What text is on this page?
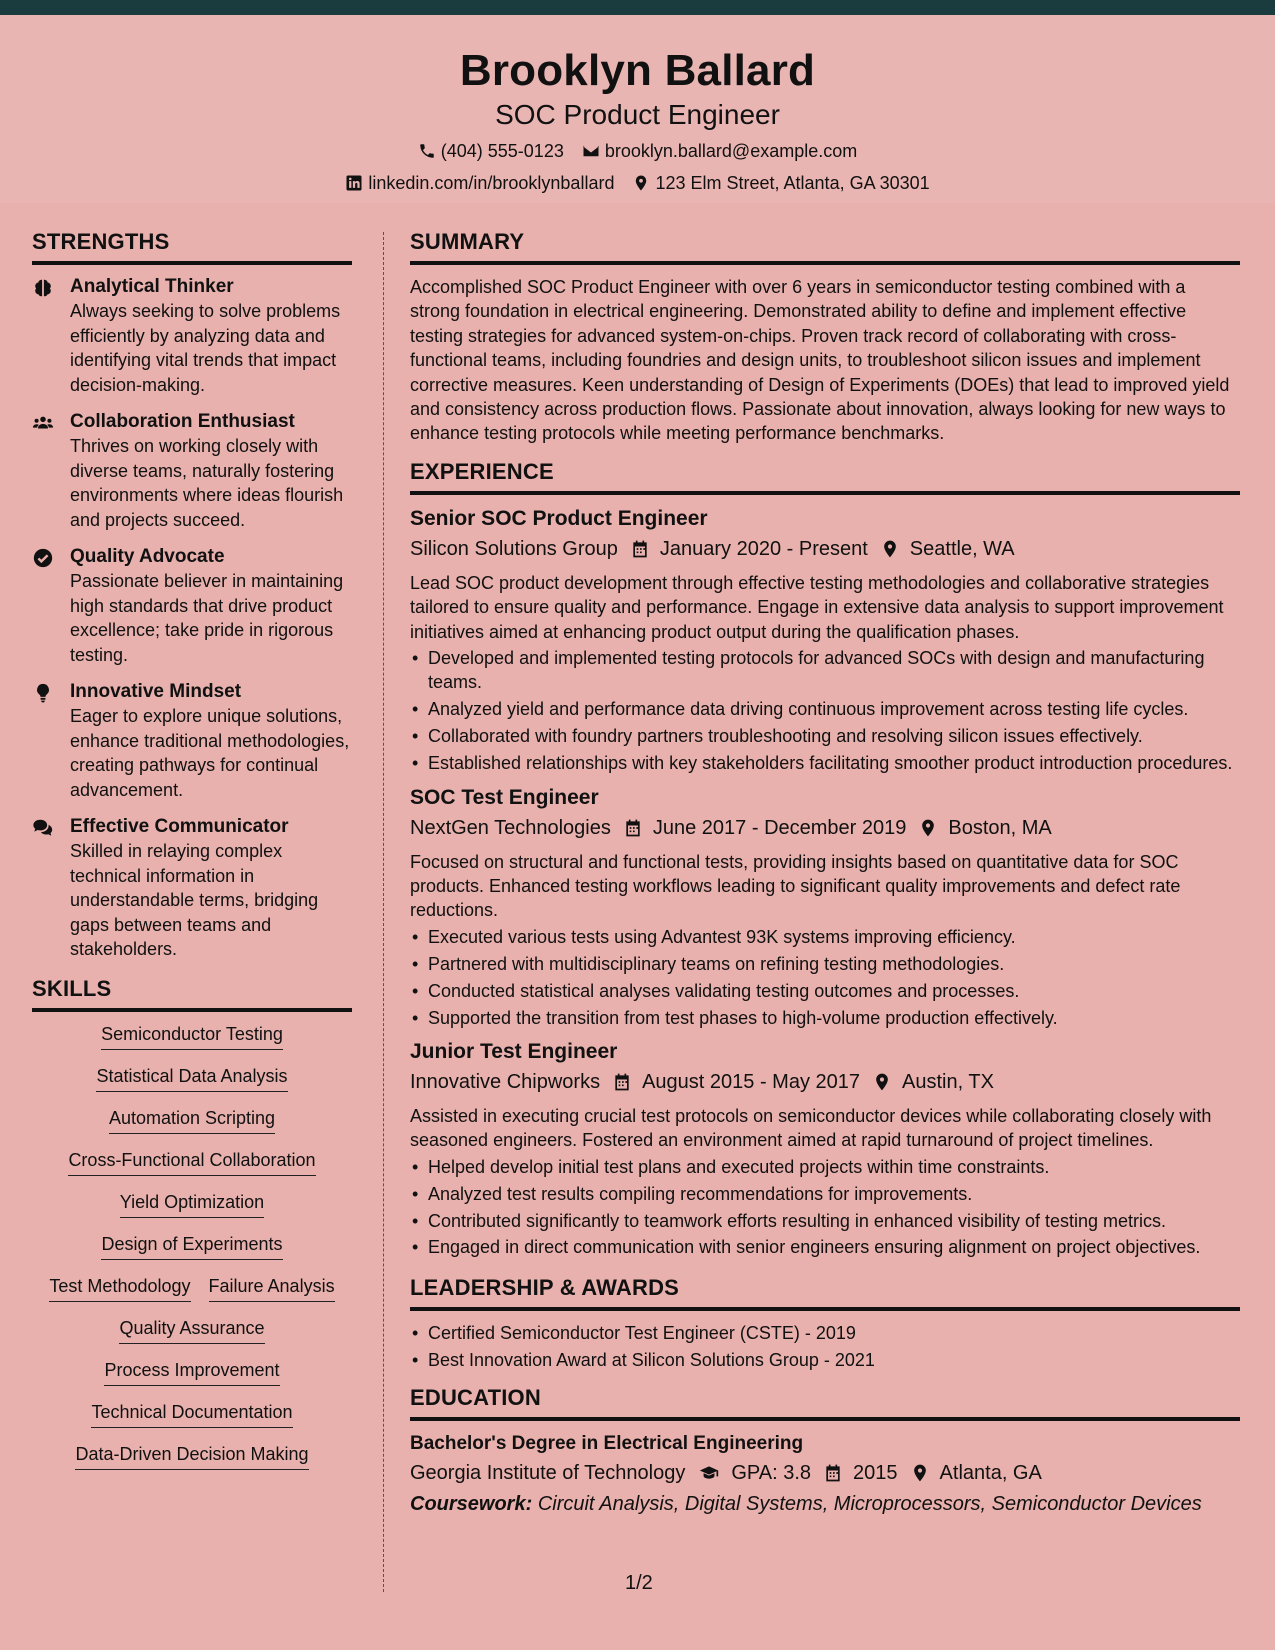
Brooklyn Ballard
SOC Product Engineer
(404) 555-0123 brooklyn.ballard@example.com
linkedin.com/in/brooklynballard 123 Elm Street, Atlanta, GA 30301
STRENGTHS
Analytical Thinker
Always seeking to solve problems efficiently by analyzing data and identifying vital trends that impact decision-making.
Collaboration Enthusiast
Thrives on working closely with diverse teams, naturally fostering environments where ideas flourish and projects succeed.
Quality Advocate
Passionate believer in maintaining high standards that drive product excellence; take pride in rigorous testing.
Innovative Mindset
Eager to explore unique solutions, enhance traditional methodologies, creating pathways for continual advancement.
Effective Communicator
Skilled in relaying complex technical information in understandable terms, bridging gaps between teams and stakeholders.
SKILLS
Semiconductor Testing
Statistical Data Analysis
Automation Scripting
Cross-Functional Collaboration
Yield Optimization
Design of Experiments
Test Methodology Failure Analysis
Quality Assurance
Process Improvement
Technical Documentation
Data-Driven Decision Making
SUMMARY
Accomplished SOC Product Engineer with over 6 years in semiconductor testing combined with a strong foundation in electrical engineering. Demonstrated ability to define and implement effective testing strategies for advanced system-on-chips. Proven track record of collaborating with cross-functional teams, including foundries and design units, to troubleshoot silicon issues and implement corrective measures. Keen understanding of Design of Experiments (DOEs) that lead to improved yield and consistency across production flows. Passionate about innovation, always looking for new ways to enhance testing protocols while meeting performance benchmarks.
EXPERIENCE
Senior SOC Product Engineer
Silicon Solutions Group January 2020 - Present Seattle, WA
Lead SOC product development through effective testing methodologies and collaborative strategies tailored to ensure quality and performance. Engage in extensive data analysis to support improvement initiatives aimed at enhancing product output during the qualification phases.
• Developed and implemented testing protocols for advanced SOCs with design and manufacturing teams.
• Analyzed yield and performance data driving continuous improvement across testing life cycles.
• Collaborated with foundry partners troubleshooting and resolving silicon issues effectively.
• Established relationships with key stakeholders facilitating smoother product introduction procedures.
SOC Test Engineer
NextGen Technologies June 2017 - December 2019 Boston, MA
Focused on structural and functional tests, providing insights based on quantitative data for SOC products. Enhanced testing workflows leading to significant quality improvements and defect rate reductions.
• Executed various tests using Advantest 93K systems improving efficiency.
• Partnered with multidisciplinary teams on refining testing methodologies.
• Conducted statistical analyses validating testing outcomes and processes.
• Supported the transition from test phases to high-volume production effectively.
Junior Test Engineer
Innovative Chipworks August 2015 - May 2017 Austin, TX
Assisted in executing crucial test protocols on semiconductor devices while collaborating closely with seasoned engineers. Fostered an environment aimed at rapid turnaround of project timelines.
• Helped develop initial test plans and executed projects within time constraints.
• Analyzed test results compiling recommendations for improvements.
• Contributed significantly to teamwork efforts resulting in enhanced visibility of testing metrics.
• Engaged in direct communication with senior engineers ensuring alignment on project objectives.
LEADERSHIP & AWARDS
• Certified Semiconductor Test Engineer (CSTE) - 2019
• Best Innovation Award at Silicon Solutions Group - 2021
EDUCATION
Bachelor's Degree in Electrical Engineering
Georgia Institute of Technology GPA: 3.8 2015 Atlanta, GA
Coursework: Circuit Analysis, Digital Systems, Microprocessors, Semiconductor Devices
1/2
